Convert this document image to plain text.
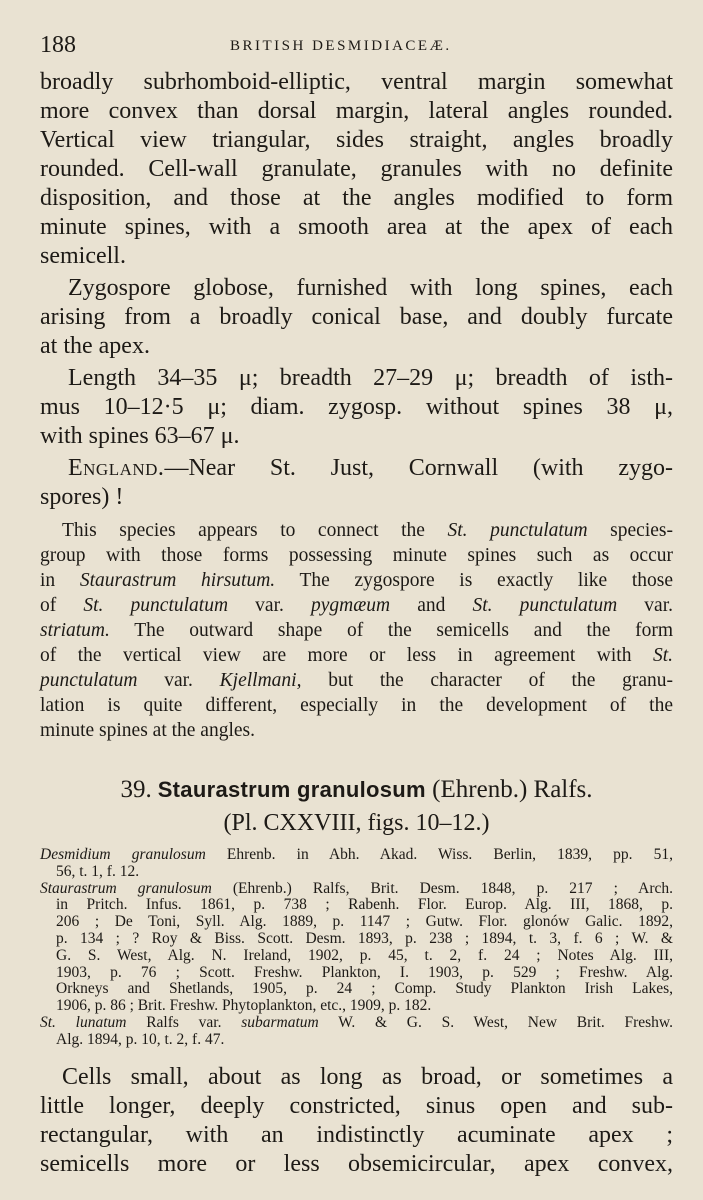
188	BRITISH DESMIDIACEÆ.

broadly subrhomboid-elliptic, ventral margin somewhat
more convex than dorsal margin, lateral angles rounded.
Vertical view triangular, sides straight, angles broadly
rounded. Cell-wall granulate, granules with no definite
disposition, and those at the angles modified to form
minute spines, with a smooth area at the apex of each
semicell.

Zygospore globose, furnished with long spines, each
arising from a broadly conical base, and doubly furcate
at the apex.

Length 34–35 μ; breadth 27–29 μ; breadth of isth-
mus 10–12·5 μ; diam. zygosp. without spines 38 μ,
with spines 63–67 μ.

England.—Near St. Just, Cornwall (with zygo-
spores) !

This species appears to connect the St. punctulatum species-
group with those forms possessing minute spines such as occur
in Staurastrum hirsutum. The zygospore is exactly like those
of St. punctulatum var. pygmæum and St. punctulatum var.
striatum. The outward shape of the semicells and the form
of the vertical view are more or less in agreement with St.
punctulatum var. Kjellmani, but the character of the granu-
lation is quite different, especially in the development of the
minute spines at the angles.

39. Staurastrum granulosum (Ehrenb.) Ralfs.
(Pl. CXXVIII, figs. 10–12.)
Desmidium granulosum Ehrenb. in Abh. Akad. Wiss. Berlin, 1839, pp. 51,
56, t. 1, f. 12.
Staurastrum granulosum (Ehrenb.) Ralfs, Brit. Desm. 1848, p. 217 ; Arch.
in Pritch. Infus. 1861, p. 738 ; Rabenh. Flor. Europ. Alg. III, 1868, p.
206 ; De Toni, Syll. Alg. 1889, p. 1147 ; Gutw. Flor. glonów Galic. 1892,
p. 134 ; ? Roy & Biss. Scott. Desm. 1893, p. 238 ; 1894, t. 3, f. 6 ; W. &
G. S. West, Alg. N. Ireland, 1902, p. 45, t. 2, f. 24 ; Notes Alg. III,
1903, p. 76 ; Scott. Freshw. Plankton, I. 1903, p. 529 ; Freshw. Alg.
Orkneys and Shetlands, 1905, p. 24 ; Comp. Study Plankton Irish Lakes,
1906, p. 86 ; Brit. Freshw. Phytoplankton, etc., 1909, p. 182.
St. lunatum Ralfs var. subarmatum W. & G. S. West, New Brit. Freshw.
Alg. 1894, p. 10, t. 2, f. 47.

Cells small, about as long as broad, or sometimes a
little longer, deeply constricted, sinus open and sub-
rectangular, with an indistinctly acuminate apex ;
semicells more or less obsemicircular, apex convex,
